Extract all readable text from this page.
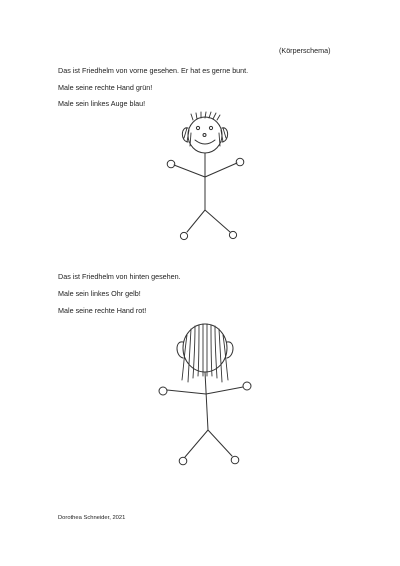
(Körperschema)
Das ist Friedhelm von vorne gesehen. Er hat es gerne bunt.
Male seine rechte Hand grün!
Male sein linkes Auge blau!
Das ist Friedhelm von hinten gesehen.
Male sein linkes Ohr gelb!
Male seine rechte Hand rot!
Dorothea Schneider, 2021
